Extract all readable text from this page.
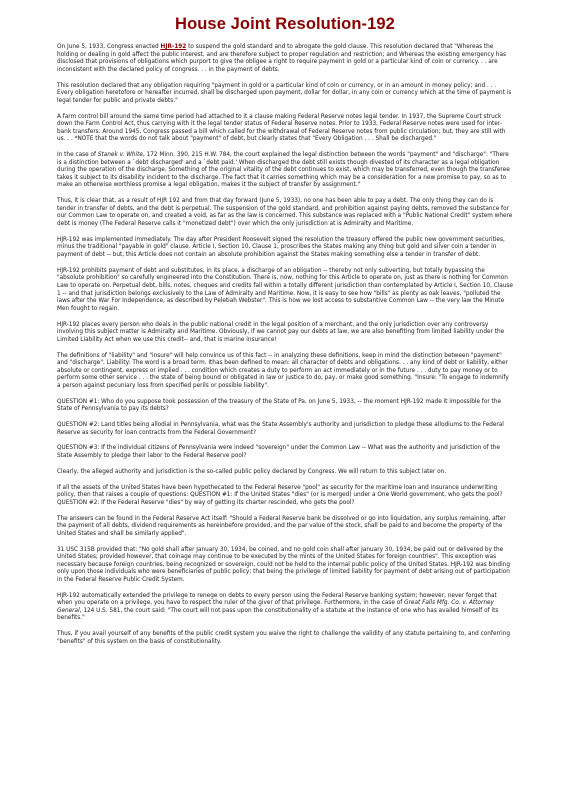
House Joint Resolution-192

On June 5, 1933, Congress enacted HJR-192 to suspend the gold standard and to abrogate the gold clause. This resolution declared that "Whereas the holding or dealing in gold affect the public interest, and are therefore subject to proper regulation and restriction; and Whereas the existing emergency has disclosed that provisions of obligations which purport to give the obligee a right to require payment in gold or a particular kind of coin or currency. . . are inconsistent with the declared policy of congress. . . in the payment of debts.

This resolution declared that any obligation requiring "payment in gold or a particular kind of coin or currency, or in an amount in money policy; and . . . Every obligation heretofore or hereafter incurred, shall be discharged upon payment, dollar for dollar, in any coin or currency which at the time of payment is legal tender for public and private debts."

A farm control bill around the same time period had attached to it a clause making Federal Reserve notes legal tender. In 1937, the Supreme Court struck down the Farm Control Act, thus carrying with it the legal tender status of Federal Reserve notes. Prior to 1933, Federal Reserve notes were used for inter-bank transfers. Around 1945, Congress passed a bill which called for the withdrawal of Federal Reserve notes from public circulation; but, they are still with us. . . *NOTE that the words do not talk about "payment" of debt, but clearly states that "Every Obligation . . . Shall be discharged."

In the case of Stanek v. White, 172 Minn. 390, 215 H.W. 784, the court explained the legal distinction between the words "payment" and "discharge": "There is a distinction between a `debt discharged' and a `debt paid.' When discharged the debt still exists though divested of its character as a legal obligation during the operation of the discharge. Something of the original vitality of the debt continues to exist, which may be transferred, even though the transferee takes it subject to its disability incident to the discharge. The fact that it carries something which may be a consideration for a new promise to pay, so as to make an otherwise worthless promise a legal obligation, makes it the subject of transfer by assignment."

Thus, it is clear that, as a result of HJR 192 and from that day forward (June 5, 1933), no one has been able to pay a debt. The only thing they can do is tender in transfer of debts, and the debt is perpetual. The suspension of the gold standard, and prohibition against paying debts, removed the substance for our Common Law to operate on, and created a void, as far as the law is concerned. This substance was replaced with a "Public National Credit" system where debt is money (The Federal Reserve calls it "monetized debt") over which the only jurisdiction at is Admiralty and Maritime.

HJR-192 was implemented immediately. The day after President Roosevelt signed the resolution the treasury offered the public new government securities, minus the traditional "payable in gold" clause. Article I, Section 10, Clause 1, proscribes the States making any thing but gold and silver coin a tender in payment of debt -- but, this Article does not contain an absolute prohibition against the States making something else a tender in transfer of debt.

HJR-192 prohibits payment of debt and substitutes, in its place, a discharge of an obligation -- thereby not only subverting, but totally bypassing the "absolute prohibition" so carefully engineered into the Constitution. There is, now, nothing for this Article to operate on, just as there is nothing for Common Law to operate on. Perpetual debt, bills, notes, cheques and credits fall within a totally different jurisdiction than contemplated by Article I, Section 10, Clause 1 -- and that jurisdiction belongs exclusively to the Law of Admiralty and Maritime. Now, it is easy to see how "bills" as plenty as oak leaves, "polluted the laws after the War For Independence, as described by Peletiah Webster". This is how we lost access to substantive Common Law -- the very law the Minute Men fought to regain.

HJR-192 places every person who deals in the public national credit in the legal position of a merchant, and the only jurisdiction over any controversy involving this subject matter is Admiralty and Maritime. Obviously, if we cannot pay our debts at law, we are also benefiting from limited liability under the Limited Liability Act when we use this credit-- and, that is marine insurance!

The definitions of "liability" and "insure" will help convince us of this fact -- in analyzing these definitions, keep in mind the distinction between "payment" and "discharge". Liability: The word is a broad term. Ithas been defined to mean: all character of debts and obligations. . . any kind of debt or liability, either absolute or contingent, express or implied . . . condition which creates a duty to perform an act immediately or in the future . . . duty to pay money or to perform some other service . . . the state of being bound or obligated in law or justice to do, pay, or make good something. "Insure: "To engage to indemnify a person against pecuniary loss from specified perils or possible liability".

QUESTION #1: Who do you suppose took possession of the treasury of the State of Pa. on June 5, 1933, -- the moment HJR-192 made it impossible for the State of Pennsylvania to pay its debts?

QUESTION #2: Land titles being allodial in Pennsylvania, what was the State Assembly's authority and jurisdiction to pledge these allodiums to the Federal Reserve as security for loan contracts from the Federal Government?

QUESTION #3: If the individual citizens of Pennsylvania were indeed "sovereign" under the Common Law -- What was the authority and jurisdiction of the State Assembly to pledge their labor to the Federal Reserve pool?

Clearly, the alleged authority and jurisdiction is the so-called public policy declared by Congress. We will return to this subject later on.

If all the assets of the United States have been hypothecated to the Federal Reserve "pool" as security for the maritime loan and insurance underwriting policy, then that raises a couple of questions: QUESTION #1: If the United States "dies" (or is merged) under a One World government, who gets the pool? QUESTION #2: If the Federal Reserve "dies" by way of getting its charter rescinded, who gets the pool?

The answers can be found in the Federal Reserve Act itself: "Should a Federal Reserve bank be dissolved or go into liquidation, any surplus remaining, after the payment of all debts, dividend requirements as hereinbefore provided, and the par value of the stock, shall be paid to and become the property of the United States and shall be similarly applied".

31 USC 315B provided that: "No gold shall after January 30, 1934, be coined, and no gold coin shall after January 30, 1934, be paid out or delivered by the United States; provided however, that coinage may continue to be executed by the mints of the United States for foreign countries". This exception was necessary because foreign countries, being recognized or sovereign, could not be held to the internal public policy of the United States. HJR-192 was binding only upon those individuals who were beneficiaries of public policy; that being the privilege of limited liability for payment of debt arising out of participation in the Federal Reserve Public Credit System.

HJR-192 automatically extended the privilege to renege on debts to every person using the Federal Reserve banking system; however, never forget that when you operate on a privilege, you have to respect the ruler of the giver of that privilege. Furthermore, in the case of Great Falls Mfg. Co. v. Attorney General, 124 U.S. 581, the court said: "The court will not pass upon the constitutionality of a statute at the instance of one who has availed himself of its benefits."

Thus, if you avail yourself of any benefits of the public credit system you waive the right to challenge the validity of any statute pertaining to, and conferring "benefits" of this system on the basis of constitutionality.
